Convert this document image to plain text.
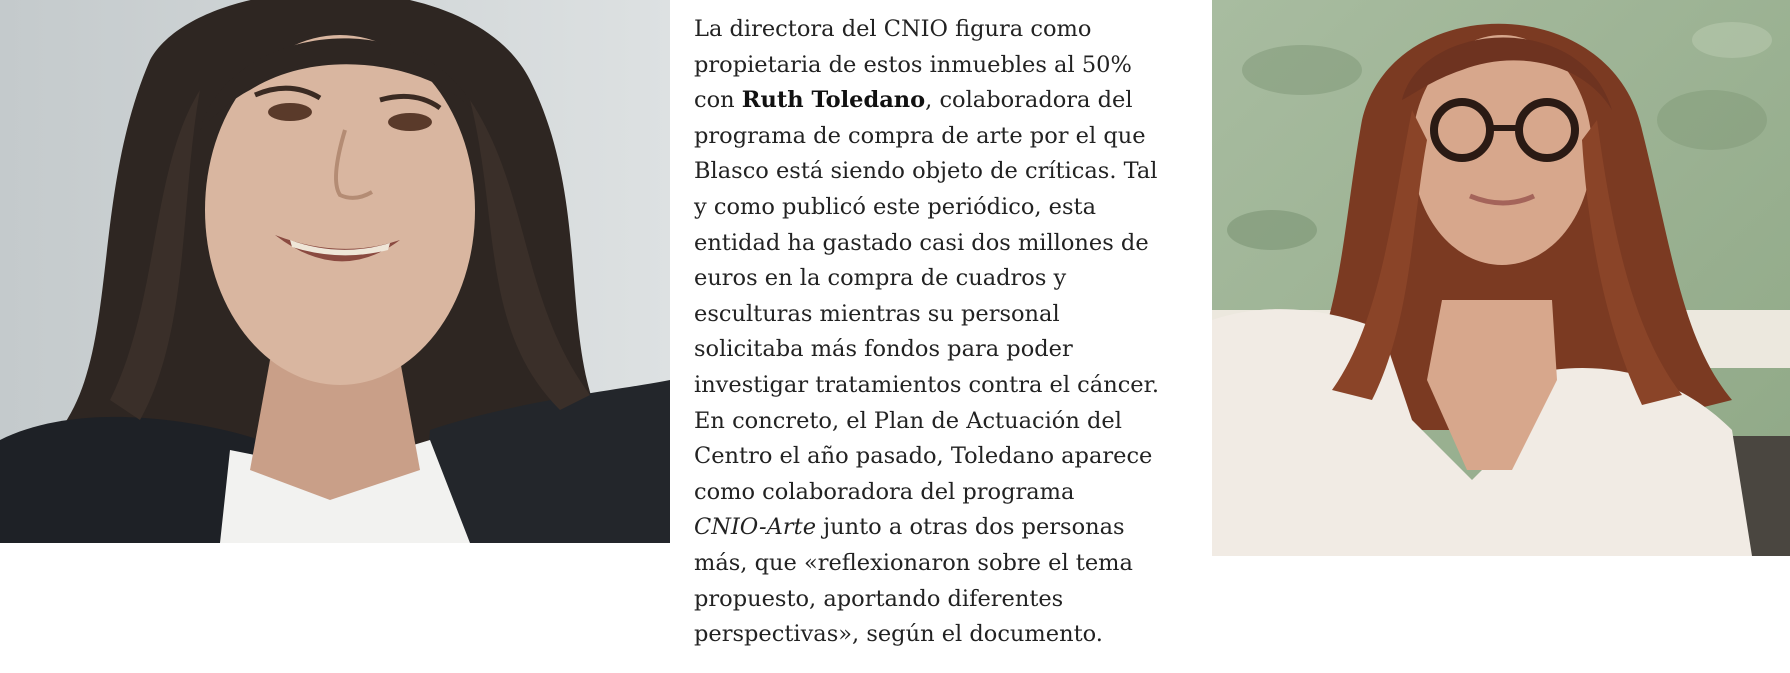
La directora del CNIO figura como
propietaria de estos inmuebles al 50%
con Ruth Toledano, colaboradora del
programa de compra de arte por el que
Blasco está siendo objeto de críticas. Tal
y como publicó este periódico, esta
entidad ha gastado casi dos millones de
euros en la compra de cuadros y
esculturas mientras su personal
solicitaba más fondos para poder
investigar tratamientos contra el cáncer.
En concreto, el Plan de Actuación del
Centro el año pasado, Toledano aparece
como colaboradora del programa
CNIO-Arte junto a otras dos personas
más, que «reflexionaron sobre el tema
propuesto, aportando diferentes
perspectivas», según el documento.
